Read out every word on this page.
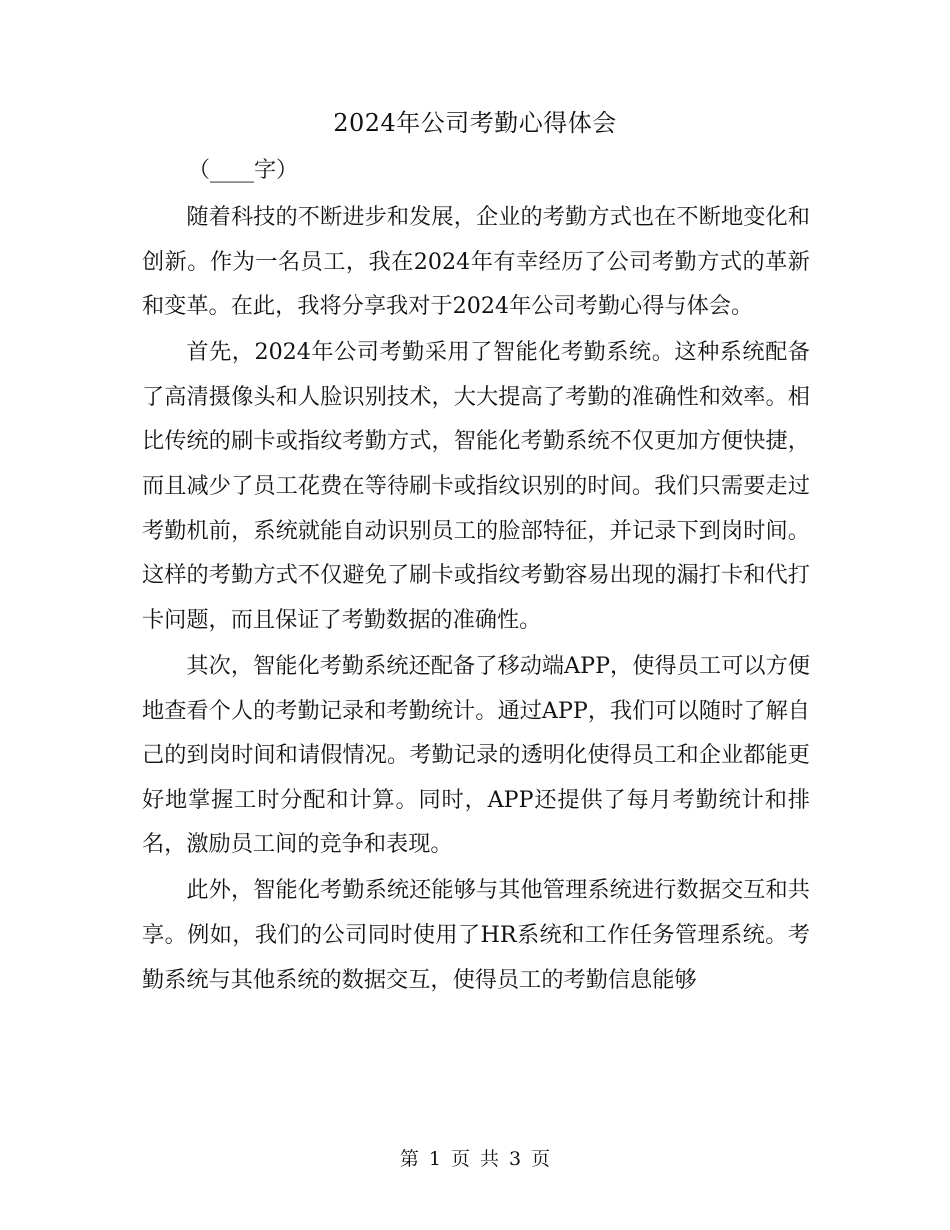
2024年公司考勤心得体会
（____字）

随着科技的不断进步和发展，企业的考勤方式也在不断地变化和创新。作为一名员工，我在2024年有幸经历了公司考勤方式的革新和变革。在此，我将分享我对于2024年公司考勤心得与体会。

首先，2024年公司考勤采用了智能化考勤系统。这种系统配备了高清摄像头和人脸识别技术，大大提高了考勤的准确性和效率。相比传统的刷卡或指纹考勤方式，智能化考勤系统不仅更加方便快捷，而且减少了员工花费在等待刷卡或指纹识别的时间。我们只需要走过考勤机前，系统就能自动识别员工的脸部特征，并记录下到岗时间。这样的考勤方式不仅避免了刷卡或指纹考勤容易出现的漏打卡和代打卡问题，而且保证了考勤数据的准确性。

其次，智能化考勤系统还配备了移动端APP，使得员工可以方便地查看个人的考勤记录和考勤统计。通过APP，我们可以随时了解自己的到岗时间和请假情况。考勤记录的透明化使得员工和企业都能更好地掌握工时分配和计算。同时，APP还提供了每月考勤统计和排名，激励员工间的竞争和表现。

此外，智能化考勤系统还能够与其他管理系统进行数据交互和共享。例如，我们的公司同时使用了HR系统和工作任务管理系统。考勤系统与其他系统的数据交互，使得员工的考勤信息能够

第 1 页 共 3 页
